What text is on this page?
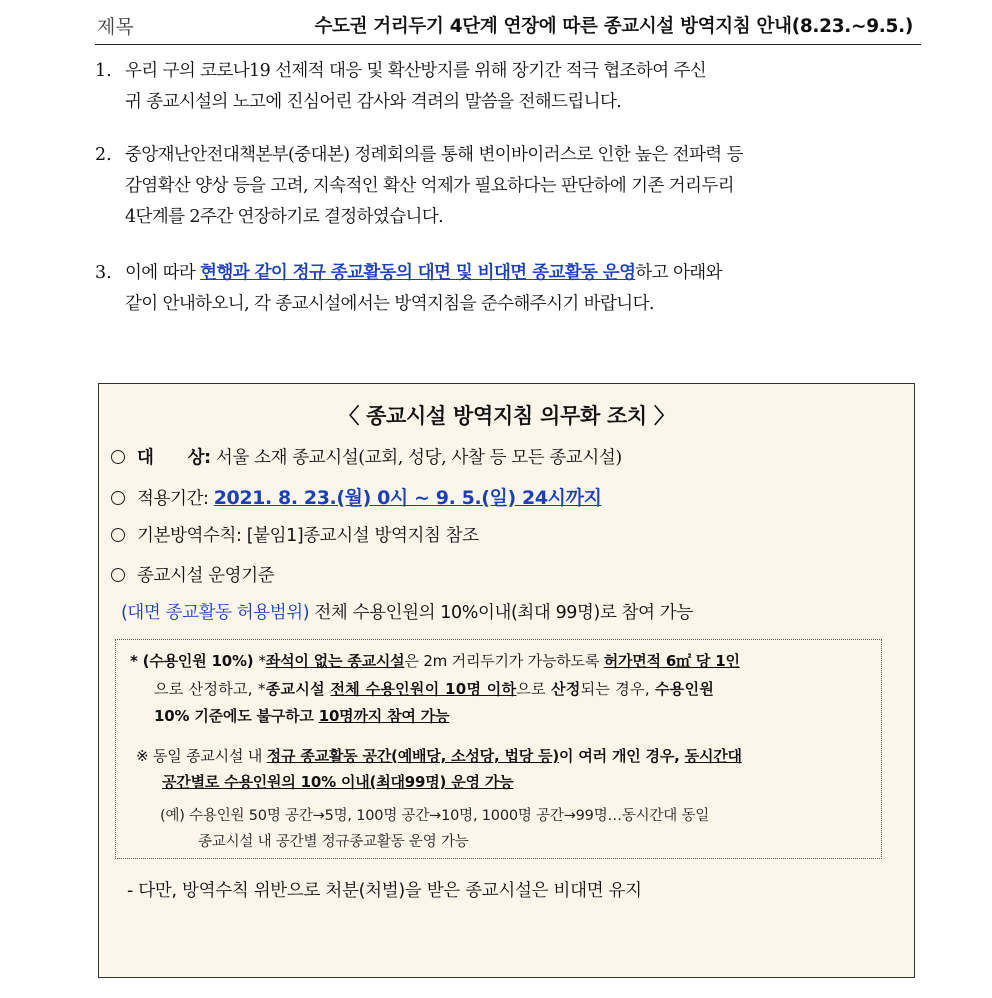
제목	수도권 거리두기 4단계 연장에 따른 종교시설 방역지침 안내(8.23.~9.5.)
1. 우리 구의 코로나19 선제적 대응 및 확산방지를 위해 장기간 적극 협조하여 주신
귀 종교시설의 노고에 진심어린 감사와 격려의 말씀을 전해드립니다.
2. 중앙재난안전대책본부(중대본) 정례회의를 통해 변이바이러스로 인한 높은 전파력 등
감염확산 양상 등을 고려, 지속적인 확산 억제가 필요하다는 판단하에 기존 거리두리
4단계를 2주간 연장하기로 결정하였습니다.
3. 이에 따라 현행과 같이 정규 종교활동의 대면 및 비대면 종교활동 운영하고 아래와
같이 안내하오니, 각 종교시설에서는 방역지침을 준수해주시기 바랍니다.
〈 종교시설 방역지침 의무화 조치 〉
대      상: 서울 소재 종교시설(교회, 성당, 사찰 등 모든 종교시설)
적용기간: 2021. 8. 23.(월) 0시 ~ 9. 5.(일) 24시까지
기본방역수칙: [붙임1]종교시설 방역지침 참조
종교시설 운영기준
(대면 종교활동 허용범위) 전체 수용인원의 10%이내(최대 99명)로 참여 가능
* (수용인원 10%) *좌석이 없는 종교시설은 2m 거리두기가 가능하도록 허가면적 6㎡ 당 1인
으로 산정하고, *종교시설 전체 수용인원이 10명 이하으로 산정되는 경우, 수용인원
10% 기준에도 불구하고 10명까지 참여 가능
※ 동일 종교시설 내 정규 종교활동 공간(예배당, 소성당, 법당 등)이 여러 개인 경우, 동시간대
공간별로 수용인원의 10% 이내(최대99명) 운영 가능
(예) 수용인원 50명 공간→5명, 100명 공간→10명, 1000명 공간→99명…동시간대 동일
종교시설 내 공간별 정규종교활동 운영 가능
- 다만, 방역수칙 위반으로 처분(처벌)을 받은 종교시설은 비대면 유지
